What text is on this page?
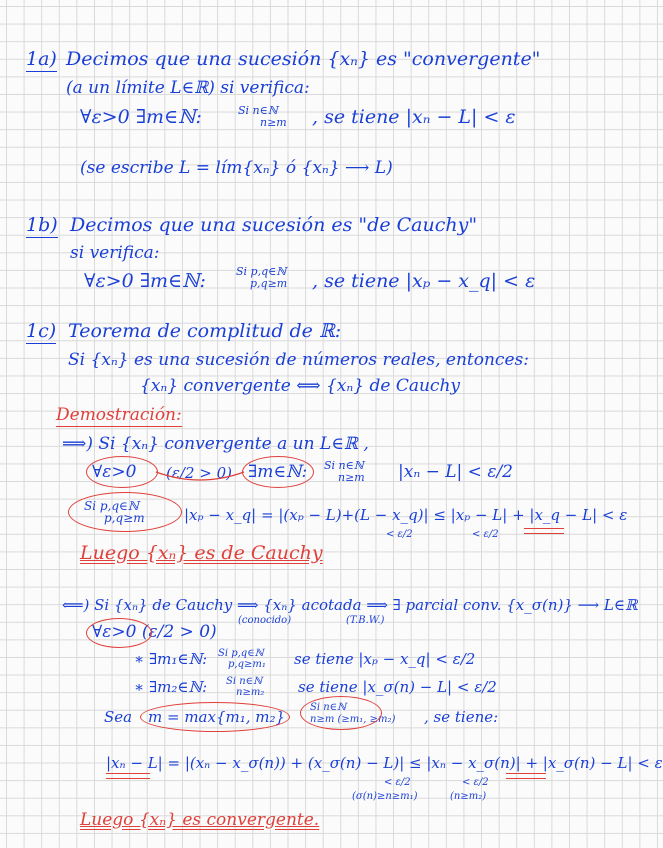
1a) Decimos que una sucesión {xₙ} es "convergente"
(a un límite L∈ℝ) si verifica:
∀ε>0 ∃m∈ℕ:	Si n∈ℕ
n≥m , se tiene |xₙ − L| < ε
(se escribe L = lím{xₙ} ó {xₙ} ⟶ L)
1b) Decimos que una sucesión es "de Cauchy"
si verifica:
∀ε>0 ∃m∈ℕ:	Si p,q∈ℕ
p,q≥m , se tiene |xₚ − x_q| < ε
1c) Teorema de complitud de ℝ:
Si {xₙ} es una sucesión de números reales, entonces:
{xₙ} convergente ⟺ {xₙ} de Cauchy
Demostración:
⟹) Si {xₙ} convergente a un L∈ℝ ,
∀ε>0 (ε/2 > 0) ∃m∈ℕ: Si n∈ℕ
n≥m |xₙ − L| < ε/2
Si p,q∈ℕ
p,q≥m	|xₚ − x_q| = |(xₚ − L)+(L − x_q)| ≤ |xₚ − L| + |x_q − L| < ε
< ε/2	< ε/2
Luego {xₙ} es de Cauchy
⟸) Si {xₙ} de Cauchy ⟹ {xₙ} acotada ⟹ ∃ parcial conv. {x_σ(n)} ⟶ L∈ℝ
(conocido)	(T.B.W.)
∀ε>0 (ε/2 > 0)
∗ ∃m₁∈ℕ: Si p,q∈ℕ
p,q≥m₁ se tiene |xₚ − x_q| < ε/2
∗ ∃m₂∈ℕ: Si n∈ℕ
n≥m₂ se tiene |x_σ(n) − L| < ε/2
Sea m = max{m₁, m₂}
Si n∈ℕ
n≥m (≥m₁, ≥m₂) , se tiene:
|xₙ − L| = |(xₙ − x_σ(n)) + (x_σ(n) − L)| ≤ |xₙ − x_σ(n)| + |x_σ(n) − L| < ε
< ε/2
(σ(n)≥n≥m₁)
< ε/2
(n≥m₂)
Luego {xₙ} es convergente.
